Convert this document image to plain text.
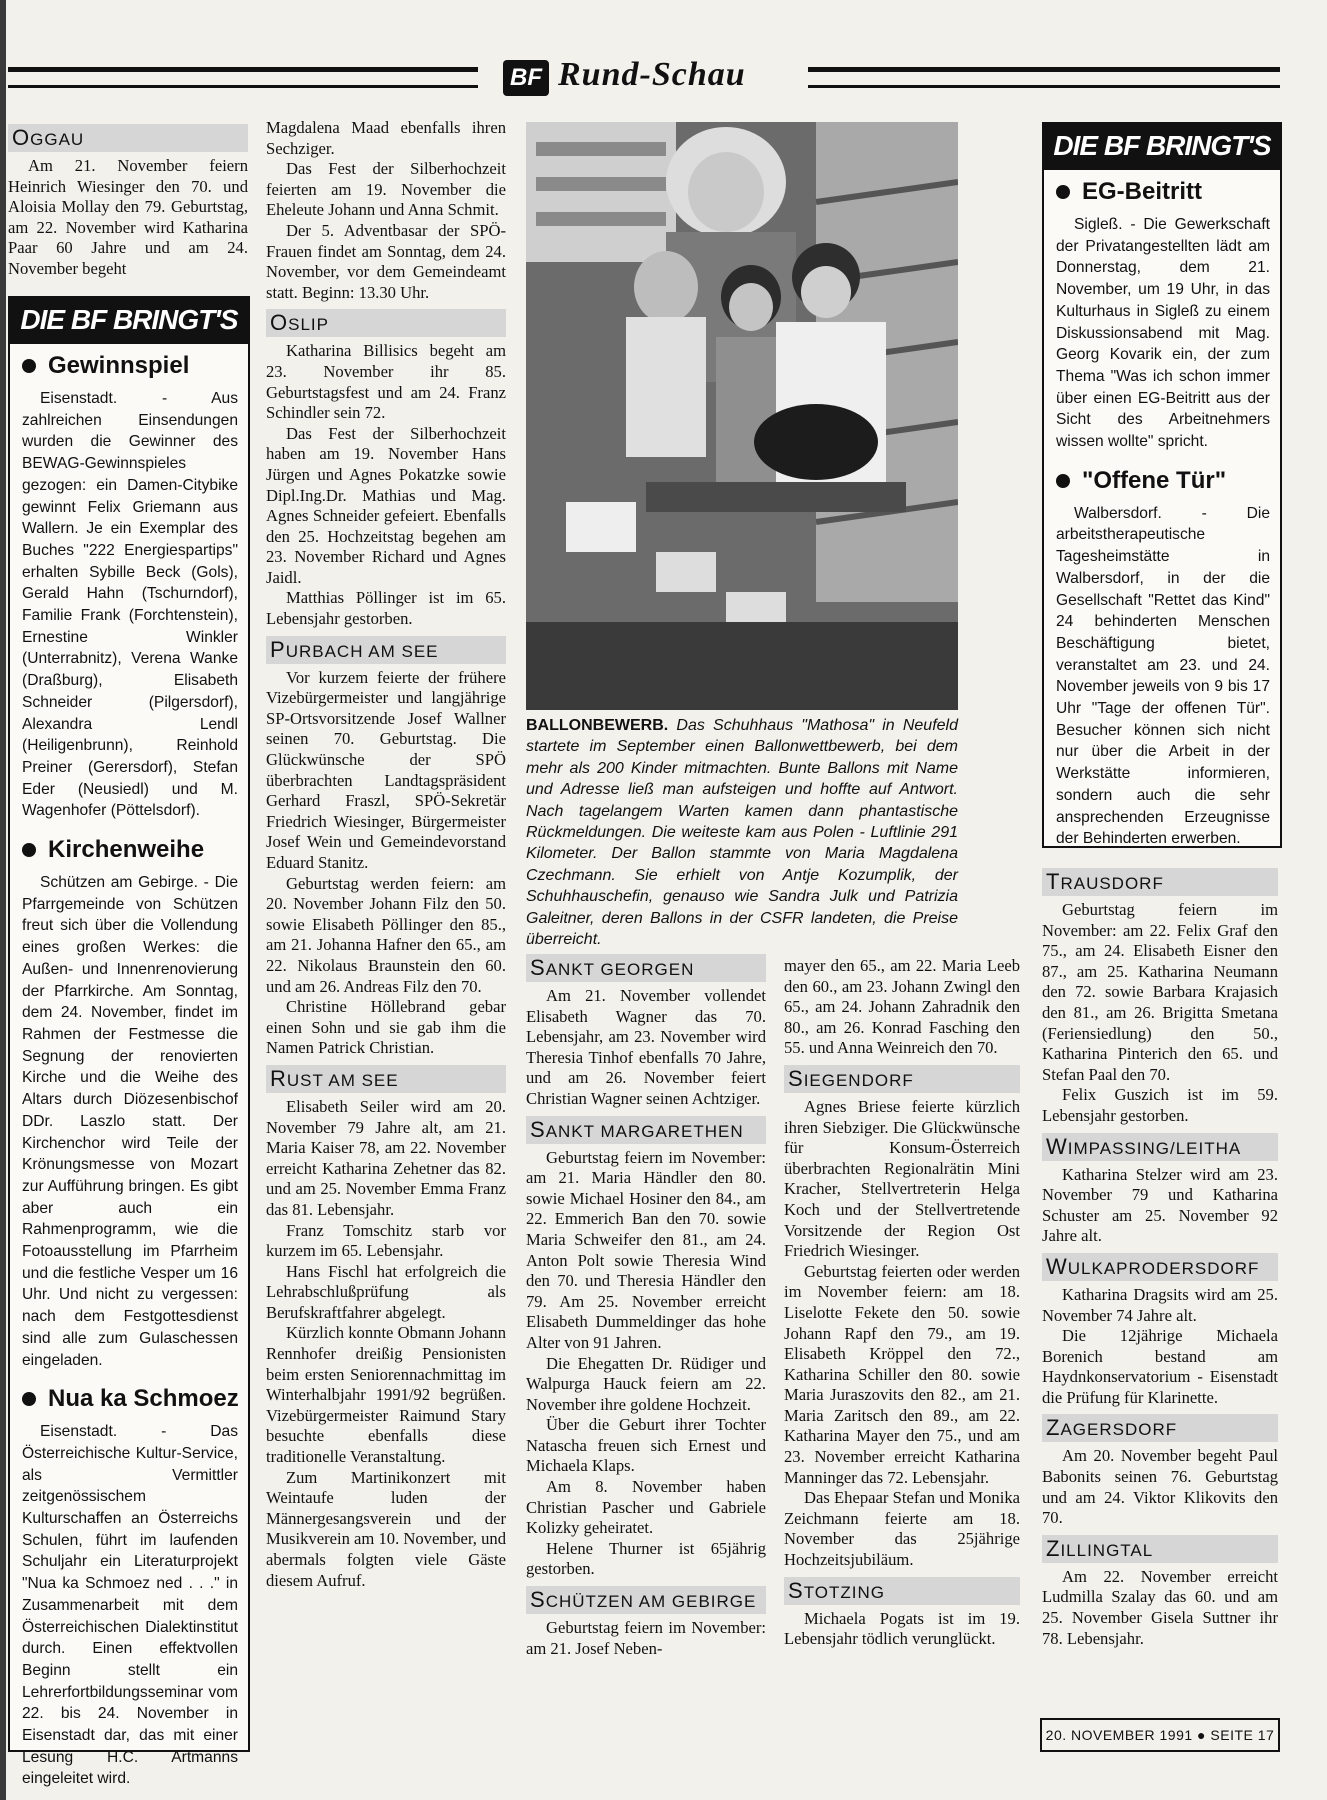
BF Rund-Schau
OGGAU

Am 21. November feiern Heinrich Wiesinger den 70. und Aloisia Mollay den 79. Geburtstag, am 22. November wird Katharina Paar 60 Jahre und am 24. November begeht

DIE BF BRINGT'S
Gewinnspiel

Eisenstadt. - Aus zahlreichen Einsendungen wurden die Gewinner des BEWAG-Gewinnspieles gezogen: ein Damen-Citybike gewinnt Felix Griemann aus Wallern. Je ein Exemplar des Buches "222 Energiespartips" erhalten Sybille Beck (Gols), Gerald Hahn (Tschurndorf), Familie Frank (Forchtenstein), Ernestine Winkler (Unterrabnitz), Verena Wanke (Draßburg), Elisabeth Schneider (Pilgersdorf), Alexandra Lendl (Heiligenbrunn), Reinhold Preiner (Gerersdorf), Stefan Eder (Neusiedl) und M. Wagenhofer (Pöttelsdorf).

Kirchenweihe

Schützen am Gebirge. - Die Pfarrgemeinde von Schützen freut sich über die Vollendung eines großen Werkes: die Außen- und Innenrenovierung der Pfarrkirche. Am Sonntag, dem 24. November, findet im Rahmen der Festmesse die Segnung der renovierten Kirche und die Weihe des Altars durch Diözesenbischof DDr. Laszlo statt. Der Kirchenchor wird Teile der Krönungsmesse von Mozart zur Aufführung bringen. Es gibt aber auch ein Rahmenprogramm, wie die Fotoausstellung im Pfarrheim und die festliche Vesper um 16 Uhr. Und nicht zu vergessen: nach dem Festgottesdienst sind alle zum Gulaschessen eingeladen.

Nua ka Schmoez

Eisenstadt. - Das Österreichische Kultur-Service, als Vermittler zeitgenössischem Kulturschaffen an Österreichs Schulen, führt im laufenden Schuljahr ein Literaturprojekt "Nua ka Schmoez ned . . ." in Zusammenarbeit mit dem Österreichischen Dialektinstitut durch. Einen effektvollen Beginn stellt ein Lehrerfortbildungsseminar vom 22. bis 24. November in Eisenstadt dar, das mit einer Lesung H.C. Artmanns eingeleitet wird.

Magdalena Maad ebenfalls ihren Sechziger.

Das Fest der Silberhochzeit feierten am 19. November die Eheleute Johann und Anna Schmit.

Der 5. Adventbasar der SPÖ-Frauen findet am Sonntag, dem 24. November, vor dem Gemeindeamt statt. Beginn: 13.30 Uhr.

OSLIP

Katharina Billisics begeht am 23. November ihr 85. Geburtstagsfest und am 24. Franz Schindler sein 72.

Das Fest der Silberhochzeit haben am 19. November Hans Jürgen und Agnes Pokatzke sowie Dipl.Ing.Dr. Mathias und Mag. Agnes Schneider gefeiert. Ebenfalls den 25. Hochzeitstag begehen am 23. November Richard und Agnes Jaidl.

Matthias Pöllinger ist im 65. Lebensjahr gestorben.

PURBACH AM SEE

Vor kurzem feierte der frühere Vizebürgermeister und langjährige SP-Ortsvorsitzende Josef Wallner seinen 70. Geburtstag. Die Glückwünsche der SPÖ überbrachten Landtagspräsident Gerhard Fraszl, SPÖ-Sekretär Friedrich Wiesinger, Bürgermeister Josef Wein und Gemeindevorstand Eduard Stanitz.

Geburtstag werden feiern: am 20. November Johann Filz den 50. sowie Elisabeth Pöllinger den 85., am 21. Johanna Hafner den 65., am 22. Nikolaus Braunstein den 60. und am 26. Andreas Filz den 70.

Christine Höllebrand gebar einen Sohn und sie gab ihm die Namen Patrick Christian.

RUST AM SEE

Elisabeth Seiler wird am 20. November 79 Jahre alt, am 21. Maria Kaiser 78, am 22. November erreicht Katharina Zehetner das 82. und am 25. November Emma Franz das 81. Lebensjahr.

Franz Tomschitz starb vor kurzem im 65. Lebensjahr.

Hans Fischl hat erfolgreich die Lehrabschlußprüfung als Berufskraftfahrer abgelegt.

Kürzlich konnte Obmann Johann Rennhofer dreißig Pensionisten beim ersten Seniorennachmittag im Winterhalbjahr 1991/92 begrüßen. Vizebürgermeister Raimund Stary besuchte ebenfalls diese traditionelle Veranstaltung.

Zum Martinikonzert mit Weintaufe luden der Männergesangsverein und der Musikverein am 10. November, und abermals folgten viele Gäste diesem Aufruf.

BALLONBEWERB. Das Schuhhaus "Mathosa" in Neufeld startete im September einen Ballonwettbewerb, bei dem mehr als 200 Kinder mitmachten. Bunte Ballons mit Name und Adresse ließ man aufsteigen und hoffte auf Antwort. Nach tagelangem Warten kamen dann phantastische Rückmeldungen. Die weiteste kam aus Polen - Luftlinie 291 Kilometer. Der Ballon stammte von Maria Magdalena Czechmann. Sie erhielt von Antje Kozumplik, der Schuhhauschefin, genauso wie Sandra Julk und Patrizia Galeitner, deren Ballons in der CSFR landeten, die Preise überreicht.
SANKT GEORGEN

Am 21. November vollendet Elisabeth Wagner das 70. Lebensjahr, am 23. November wird Theresia Tinhof ebenfalls 70 Jahre, und am 26. November feiert Christian Wagner seinen Achtziger.

SANKT MARGARETHEN

Geburtstag feiern im November: am 21. Maria Händler den 80. sowie Michael Hosiner den 84., am 22. Emmerich Ban den 70. sowie Maria Schweifer den 81., am 24. Anton Polt sowie Theresia Wind den 70. und Theresia Händler den 79. Am 25. November erreicht Elisabeth Dummeldinger das hohe Alter von 91 Jahren.

Die Ehegatten Dr. Rüdiger und Walpurga Hauck feiern am 22. November ihre goldene Hochzeit.

Über die Geburt ihrer Tochter Natascha freuen sich Ernest und Michaela Klaps.

Am 8. November haben Christian Pascher und Gabriele Kolizky geheiratet.

Helene Thurner ist 65jährig gestorben.

SCHÜTZEN AM GEBIRGE

Geburtstag feiern im November: am 21. Josef Neben-

mayer den 65., am 22. Maria Leeb den 60., am 23. Johann Zwingl den 65., am 24. Johann Zahradnik den 80., am 26. Konrad Fasching den 55. und Anna Weinreich den 70.

SIEGENDORF

Agnes Briese feierte kürzlich ihren Siebziger. Die Glückwünsche für Konsum-Österreich überbrachten Regionalrätin Mini Kracher, Stellvertreterin Helga Koch und der Stellvertretende Vorsitzende der Region Ost Friedrich Wiesinger.

Geburtstag feierten oder werden im November feiern: am 18. Liselotte Fekete den 50. sowie Johann Rapf den 79., am 19. Elisabeth Kröppel den 72., Katharina Schiller den 80. sowie Maria Juraszovits den 82., am 21. Maria Zaritsch den 89., am 22. Katharina Mayer den 75., und am 23. November erreicht Katharina Manninger das 72. Lebensjahr.

Das Ehepaar Stefan und Monika Zeichmann feierte am 18. November das 25jährige Hochzeitsjubiläum.

STOTZING

Michaela Pogats ist im 19. Lebensjahr tödlich verunglückt.

DIE BF BRINGT'S
EG-Beitritt

Sigleß. - Die Gewerkschaft der Privatangestellten lädt am Donnerstag, dem 21. November, um 19 Uhr, in das Kulturhaus in Sigleß zu einem Diskussionsabend mit Mag. Georg Kovarik ein, der zum Thema "Was ich schon immer über einen EG-Beitritt aus der Sicht des Arbeitnehmers wissen wollte" spricht.

"Offene Tür"

Walbersdorf. - Die arbeitstherapeutische Tagesheimstätte in Walbersdorf, in der die Gesellschaft "Rettet das Kind" 24 behinderten Menschen Beschäftigung bietet, veranstaltet am 23. und 24. November jeweils von 9 bis 17 Uhr "Tage der offenen Tür". Besucher können sich nicht nur über die Arbeit in der Werkstätte informieren, sondern auch die sehr ansprechenden Erzeugnisse der Behinderten erwerben.

TRAUSDORF

Geburtstag feiern im November: am 22. Felix Graf den 75., am 24. Elisabeth Eisner den 87., am 25. Katharina Neumann den 72. sowie Barbara Krajasich den 81., am 26. Brigitta Smetana (Feriensiedlung) den 50., Katharina Pinterich den 65. und Stefan Paal den 70.

Felix Guszich ist im 59. Lebensjahr gestorben.

WIMPASSING/LEITHA

Katharina Stelzer wird am 23. November 79 und Katharina Schuster am 25. November 92 Jahre alt.

WULKAPRODERSDORF

Katharina Dragsits wird am 25. November 74 Jahre alt.

Die 12jährige Michaela Borenich bestand am Haydnkonservatorium - Eisenstadt die Prüfung für Klarinette.

ZAGERSDORF

Am 20. November begeht Paul Babonits seinen 76. Geburtstag und am 24. Viktor Klikovits den 70.

ZILLINGTAL

Am 22. November erreicht Ludmilla Szalay das 60. und am 25. November Gisela Suttner ihr 78. Lebensjahr.

20. NOVEMBER 1991 ● SEITE 17
